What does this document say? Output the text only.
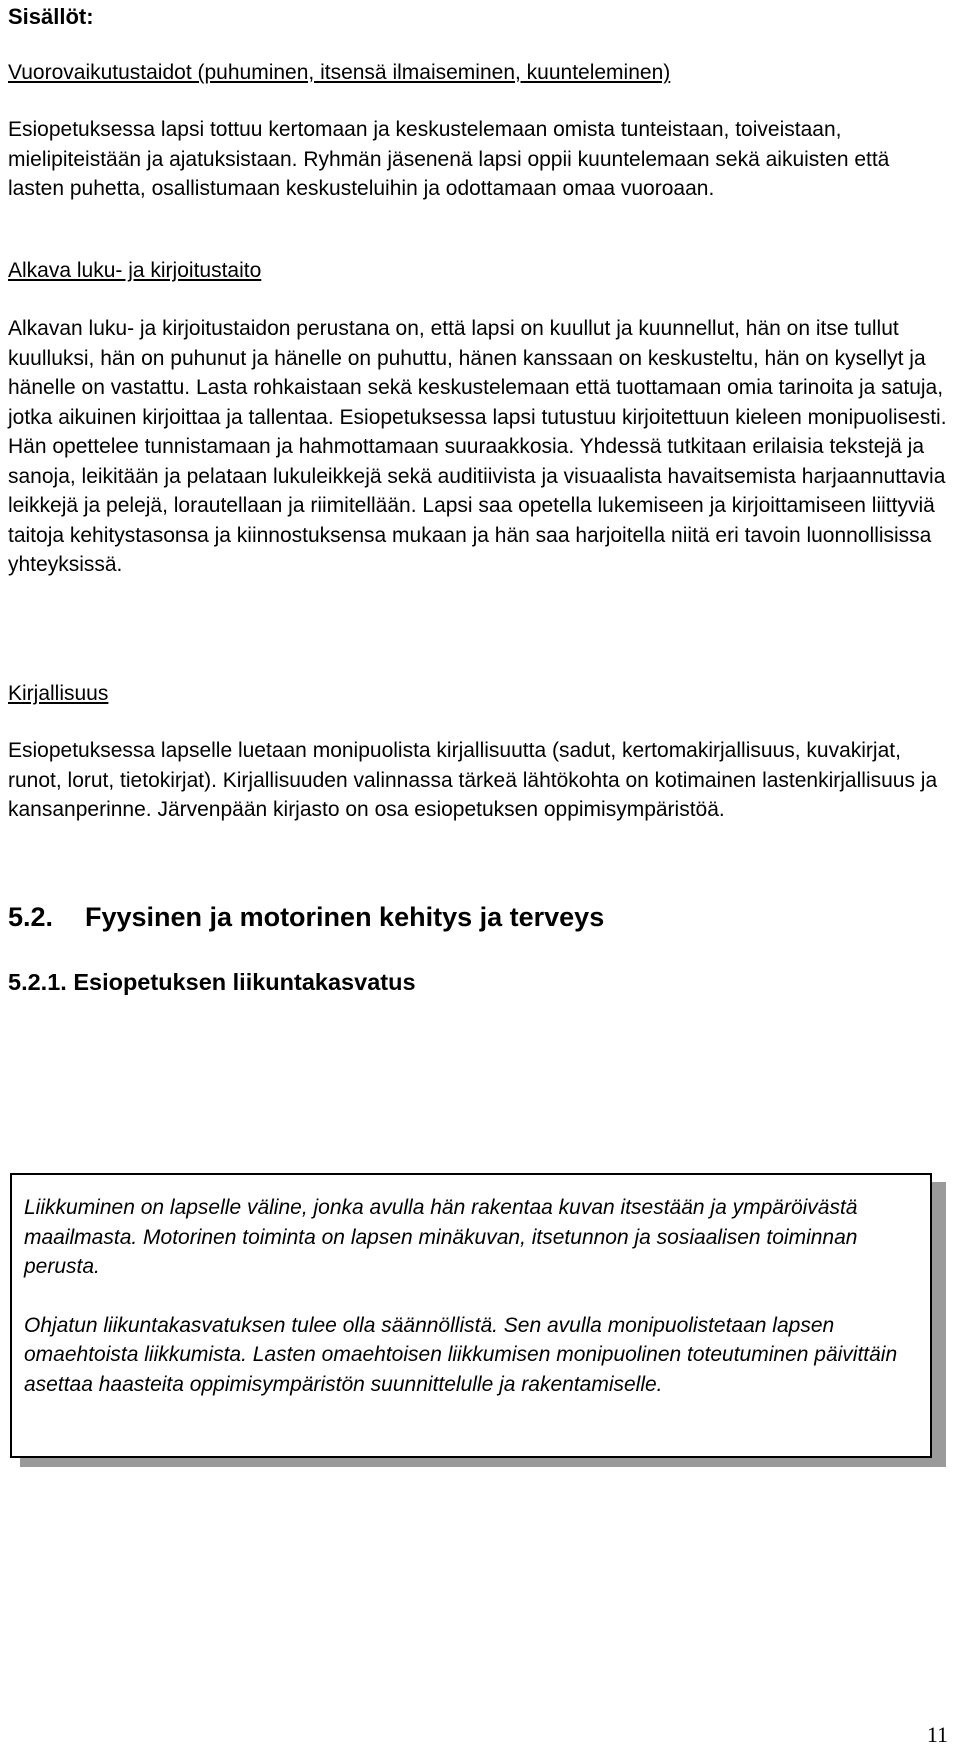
Sisällöt:
Vuorovaikutustaidot (puhuminen, itsensä ilmaiseminen, kuunteleminen)
Esiopetuksessa lapsi tottuu kertomaan ja keskustelemaan omista tunteistaan, toiveistaan, mielipiteistään ja ajatuksistaan. Ryhmän jäsenenä lapsi oppii kuuntelemaan sekä aikuisten että lasten puhetta, osallistumaan keskusteluihin ja odottamaan omaa vuoroaan.
Alkava luku- ja kirjoitustaito
Alkavan luku- ja kirjoitustaidon perustana on, että lapsi on kuullut ja kuunnellut, hän on itse tullut kuulluksi, hän on puhunut ja hänelle on puhuttu, hänen kanssaan on keskusteltu, hän on kysellyt ja hänelle on vastattu. Lasta rohkaistaan sekä keskustelemaan että tuottamaan omia tarinoita ja satuja, jotka aikuinen kirjoittaa ja tallentaa. Esiopetuksessa lapsi tutustuu kirjoitettuun kieleen monipuolisesti. Hän opettelee tunnistamaan ja hahmottamaan suuraakkosia. Yhdessä tutkitaan erilaisia tekstejä ja sanoja, leikitään ja pelataan lukuleikkejä sekä auditiivista ja visuaalista havaitsemista harjaannuttavia leikkejä ja pelejä, lorautellaan ja riimitellään. Lapsi saa opetella lukemiseen ja kirjoittamiseen liittyviä taitoja kehitystasonsa ja kiinnostuksensa mukaan ja hän saa harjoitella niitä eri tavoin luonnollisissa yhteyksissä.
Kirjallisuus
Esiopetuksessa lapselle luetaan monipuolista kirjallisuutta (sadut, kertomakirjallisuus, kuvakirjat, runot, lorut, tietokirjat). Kirjallisuuden valinnassa tärkeä lähtökohta on kotimainen lastenkirjallisuus ja kansanperinne. Järvenpään kirjasto on osa esiopetuksen oppimisympäristöä.
5.2. Fyysinen ja motorinen kehitys ja terveys
5.2.1. Esiopetuksen liikuntakasvatus

Liikkuminen on lapselle väline, jonka avulla hän rakentaa kuvan itsestään ja ympäröivästä maailmasta. Motorinen toiminta on lapsen minäkuvan, itsetunnon ja sosiaalisen toiminnan perusta.

Ohjatun liikuntakasvatuksen tulee olla säännöllistä. Sen avulla monipuolistetaan lapsen omaehtoista liikkumista. Lasten omaehtoisen liikkumisen monipuolinen toteutuminen päivittäin asettaa haasteita oppimisympäristön suunnittelulle ja rakentamiselle.

11
